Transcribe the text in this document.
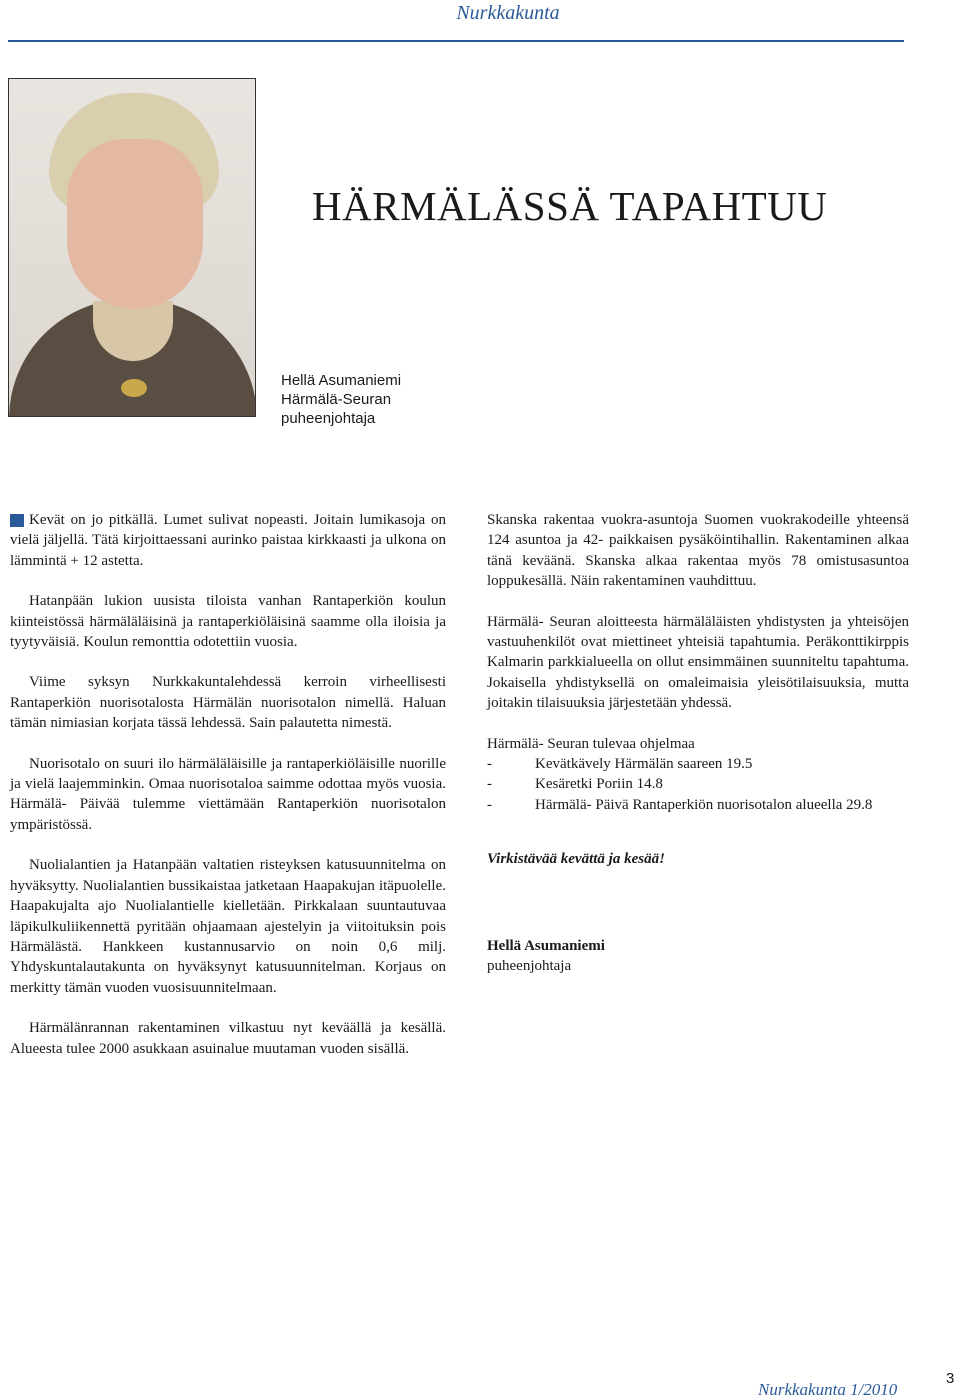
Nurkkakunta
HÄRMÄLÄSSÄ TAPAHTUU
Hellä Asumaniemi
Härmälä-Seuran
puheenjohtaja

Kevät on jo pitkällä. Lumet sulivat nopeasti. Joitain lumikasoja on vielä jäljellä. Tätä kirjoittaessani aurinko paistaa kirkkaasti ja ulkona on lämmintä + 12 astetta.

Hatanpään lukion uusista tiloista vanhan Rantaperkiön koulun kiinteistössä härmäläläisinä ja rantaperkiöläisinä saamme olla iloisia ja tyytyväisiä. Koulun remonttia odotettiin vuosia.

Viime syksyn Nurkkakuntalehdessä kerroin virheellisesti Rantaperkiön nuorisotalosta Härmälän nuorisotalon nimellä. Haluan tämän nimiasian korjata tässä lehdessä. Sain palautetta nimestä.

Nuorisotalo on suuri ilo härmäläläisille ja rantaperkiöläisille nuorille ja vielä laajemminkin. Omaa nuorisotaloa saimme odottaa myös vuosia. Härmälä- Päivää tulemme viettämään Rantaperkiön nuorisotalon ympäristössä.

Nuolialantien ja Hatanpään valtatien risteyksen katusuunnitelma on hyväksytty. Nuolialantien bussikaistaa jatketaan Haapakujan itäpuolelle. Haapakujalta ajo Nuolialantielle kielletään. Pirkkalaan suuntautuvaa läpikulkuliikennettä pyritään ohjaamaan ajestelyin ja viitoituksin pois Härmälästä. Hankkeen kustannusarvio on noin 0,6 milj. Yhdyskuntalautakunta on hyväksynyt katusuunnitelman. Korjaus on merkitty tämän vuoden vuosisuunnitelmaan.

Härmälänrannan rakentaminen vilkastuu nyt keväällä ja kesällä. Alueesta tulee 2000 asukkaan asuinalue muutaman vuoden sisällä.

Skanska rakentaa vuokra-asuntoja Suomen vuokrakodeille yhteensä 124 asuntoa ja 42- paikkaisen pysäköintihallin. Rakentaminen alkaa tänä keväänä. Skanska alkaa rakentaa myös 78 omistusasuntoa loppukesällä. Näin rakentaminen vauhdittuu.

Härmälä- Seuran aloitteesta härmäläläisten yhdistysten ja yhteisöjen vastuuhenkilöt ovat miettineet yhteisiä tapahtumia. Peräkonttikirppis Kalmarin parkkialueella on ollut ensimmäinen suunniteltu tapahtuma. Jokaisella yhdistyksellä on omaleimaisia yleisötilaisuuksia, mutta joitakin tilaisuuksia järjestetään yhdessä.

Härmälä- Seuran tulevaa ohjelmaa

-	Kevätkävely Härmälän saareen 19.5
-	Kesäretki Poriin 14.8
-	Härmälä- Päivä Rantaperkiön nuorisotalon alueella 29.8

Virkistävää kevättä ja kesää!

Hellä Asumaniemi

puheenjohtaja

Nurkkakunta 1/2010
3
